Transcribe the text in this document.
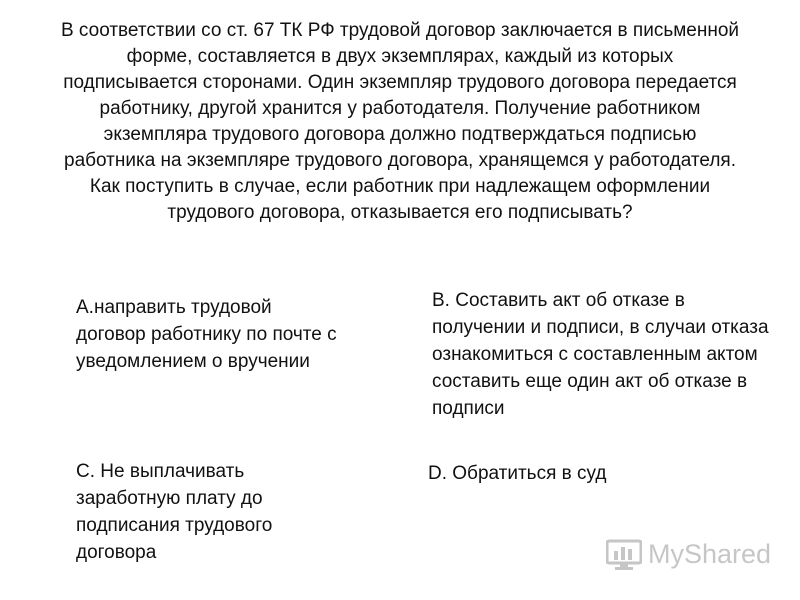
В соответствии со ст. 67 ТК РФ трудовой договор заключается в письменной форме, составляется в двух экземплярах, каждый из которых подписывается сторонами. Один экземпляр трудового договора передается работнику, другой хранится у работодателя. Получение работником экземпляра трудового договора должно подтверждаться подписью работника на экземпляре трудового договора, хранящемся у работодателя. Как поступить в случае, если работник при надлежащем оформлении трудового договора, отказывается его подписывать?
А.направить трудовой договор работнику по почте с уведомлением о вручении
В. Составить акт об отказе в получении и подписи, в случаи отказа ознакомиться с составленным актом составить еще один акт об отказе в подписи
С. Не выплачивать заработную плату до подписания трудового договора
D. Обратиться в суд
MyShared
